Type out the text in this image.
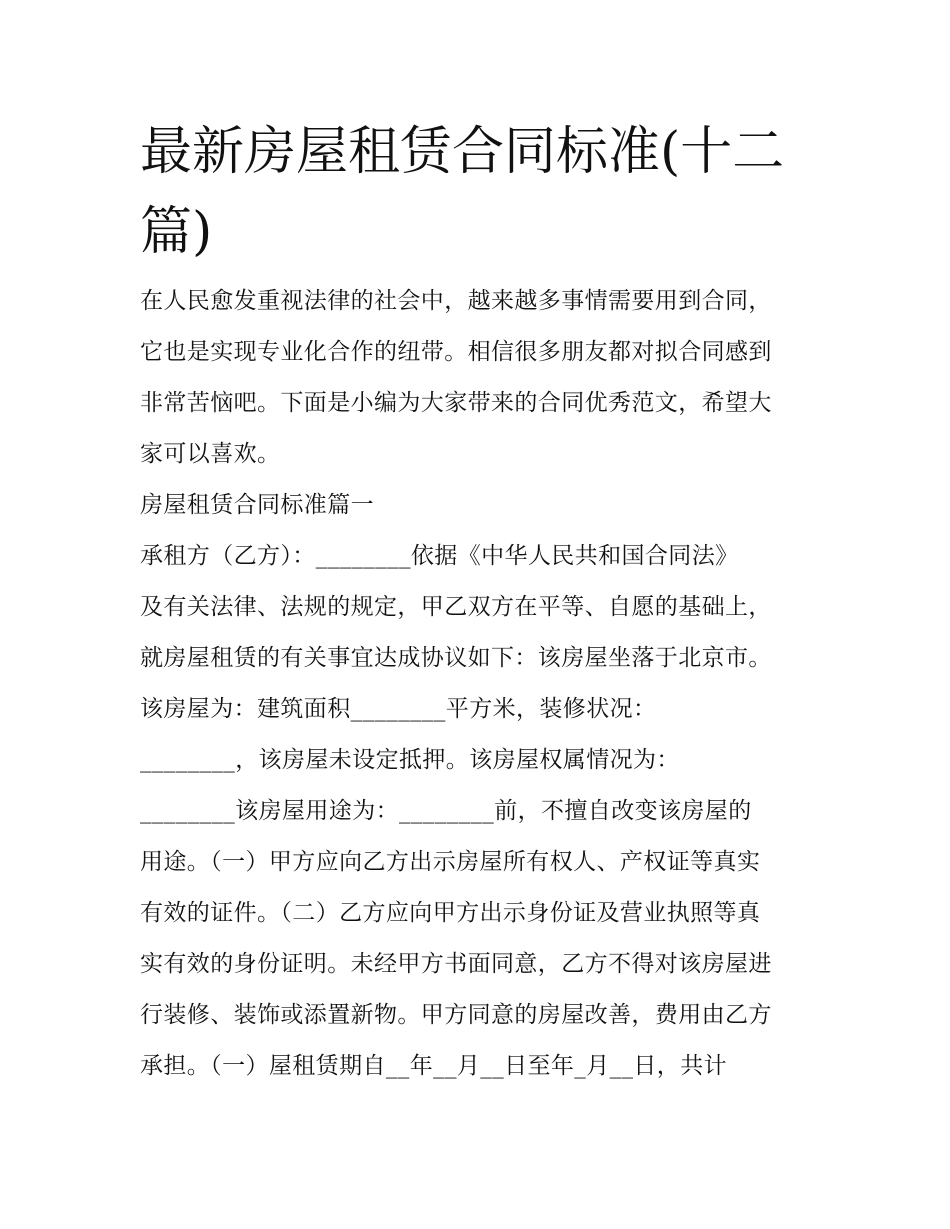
最新房屋租赁合同标准(十二
篇)
在人民愈发重视法律的社会中，越来越多事情需要用到合同，
它也是实现专业化合作的纽带。相信很多朋友都对拟合同感到
非常苦恼吧。下面是小编为大家带来的合同优秀范文，希望大
家可以喜欢。
房屋租赁合同标准篇一
承租方（乙方）：________依据《中华人民共和国合同法》
及有关法律、法规的规定，甲乙双方在平等、自愿的基础上，
就房屋租赁的有关事宜达成协议如下：该房屋坐落于北京市。
该房屋为：建筑面积________平方米，装修状况：
________，该房屋未设定抵押。该房屋权属情况为：
________该房屋用途为：________前，不擅自改变该房屋的
用途。（一）甲方应向乙方出示房屋所有权人、产权证等真实
有效的证件。（二）乙方应向甲方出示身份证及营业执照等真
实有效的身份证明。未经甲方书面同意，乙方不得对该房屋进
行装修、装饰或添置新物。甲方同意的房屋改善，费用由乙方
承担。（一）屋租赁期自__年__月__日至年_月__日，共计
